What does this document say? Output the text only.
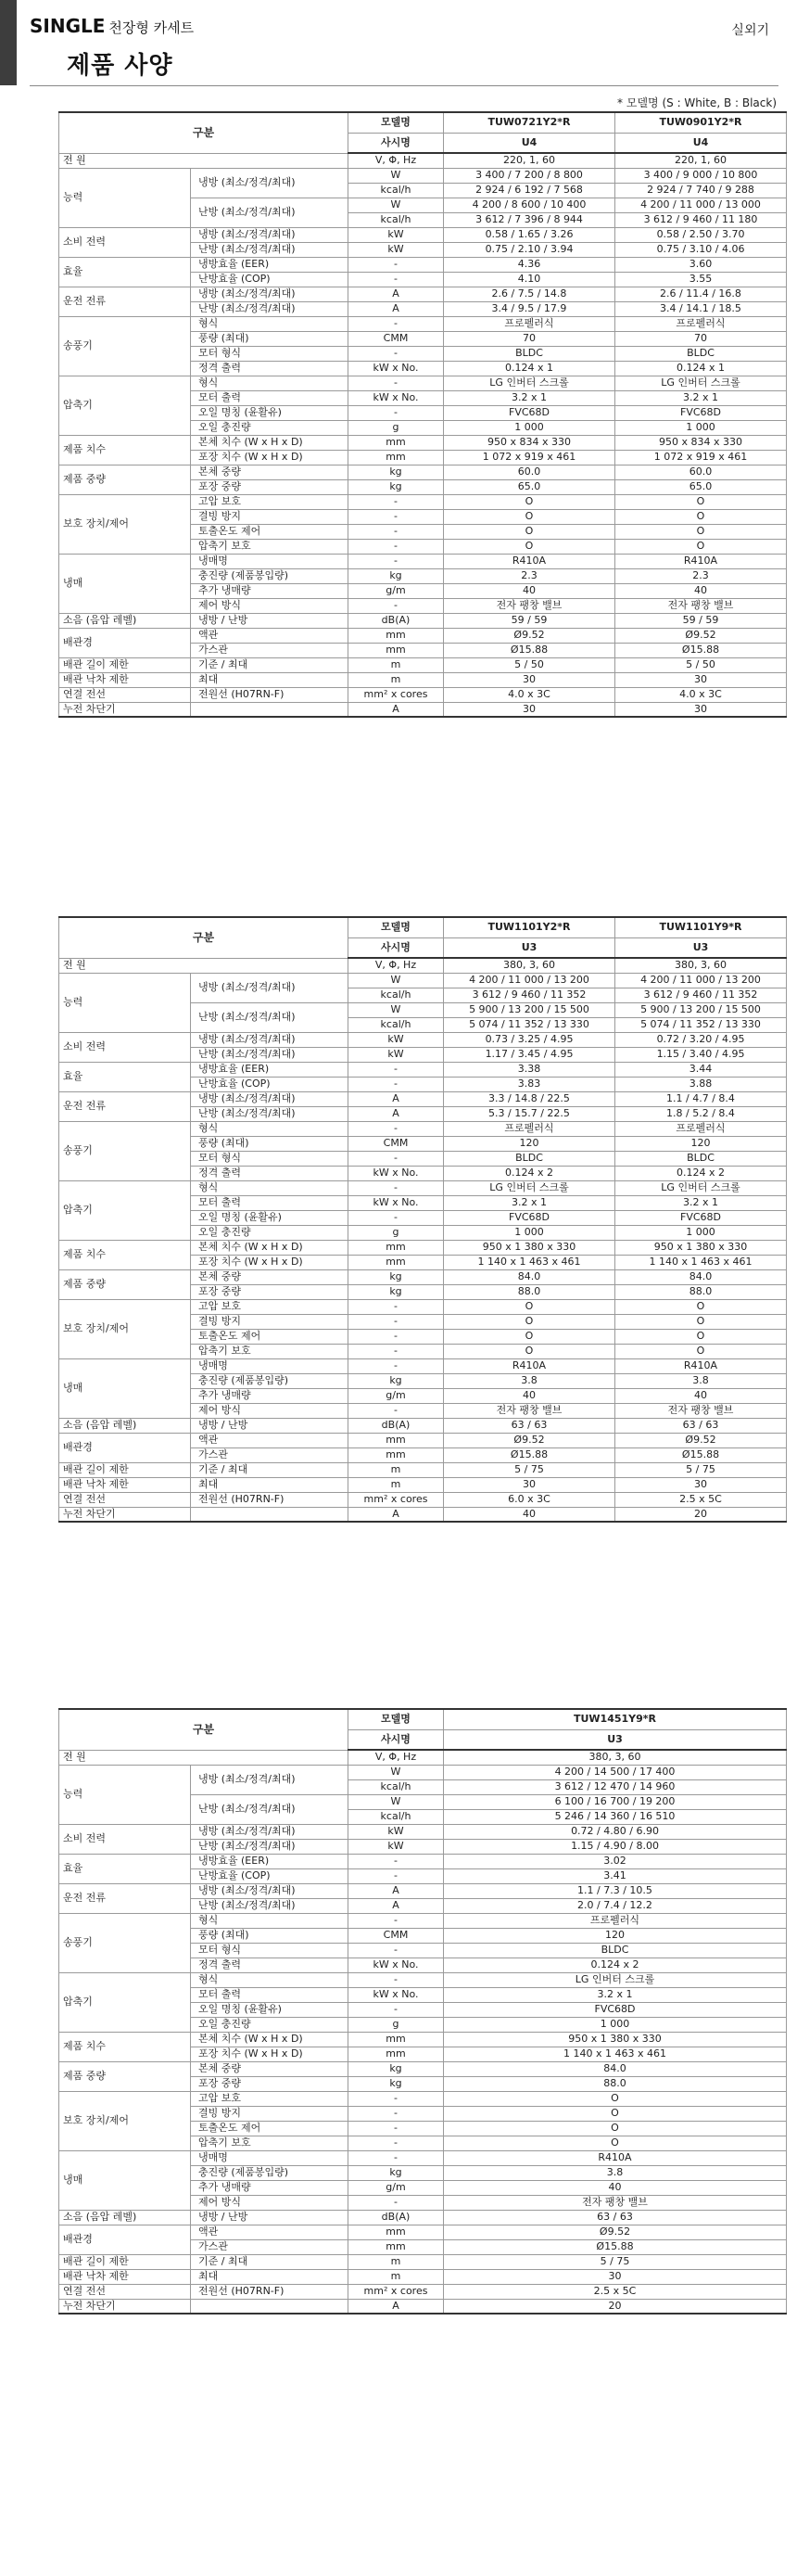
SINGLE 천장형 카세트
제품 사양
실외기
* 모델명 (S : White, B : Black)
구분		모델명	TUW0721Y2*R	TUW0901Y2*R
		사시명	U4	U4
전 원		V, Φ, Hz	220, 1, 60	220, 1, 60
능력	냉방 (최소/정격/최대)	W	3 400 / 7 200 / 8 800	3 400 / 9 000 / 10 800
		kcal/h	2 924 / 6 192 / 7 568	2 924 / 7 740 / 9 288
	난방 (최소/정격/최대)	W	4 200 / 8 600 / 10 400	4 200 / 11 000 / 13 000
		kcal/h	3 612 / 7 396 / 8 944	3 612 / 9 460 / 11 180
소비 전력	냉방 (최소/정격/최대)	kW	0.58 / 1.65 / 3.26	0.58 / 2.50 / 3.70
	난방 (최소/정격/최대)	kW	0.75 / 2.10 / 3.94	0.75 / 3.10 / 4.06
효율	냉방효율 (EER)	-	4.36	3.60
	난방효율 (COP)	-	4.10	3.55
운전 전류	냉방 (최소/정격/최대)	A	2.6 / 7.5 / 14.8	2.6 / 11.4 / 16.8
	난방 (최소/정격/최대)	A	3.4 / 9.5 / 17.9	3.4 / 14.1 / 18.5
송풍기	형식	-	프로펠러식	프로펠러식
	풍량 (최대)	CMM	70	70
	모터 형식	-	BLDC	BLDC
	정격 출력	kW x No.	0.124 x 1	0.124 x 1
압축기	형식	-	LG 인버터 스크롤	LG 인버터 스크롤
	모터 출력	kW x No.	3.2 x 1	3.2 x 1
	오일 명칭 (윤활유)	-	FVC68D	FVC68D
	오일 충진량	g	1 000	1 000
제품 치수	본체 치수 (W x H x D)	mm	950 x 834 x 330	950 x 834 x 330
	포장 치수 (W x H x D)	mm	1 072 x 919 x 461	1 072 x 919 x 461
제품 중량	본체 중량	kg	60.0	60.0
	포장 중량	kg	65.0	65.0
보호 장치/제어	고압 보호	-	O	O
	결빙 방지	-	O	O
	토출온도 제어	-	O	O
	압축기 보호	-	O	O
냉매	냉매명	-	R410A	R410A
	충진량 (제품봉입량)	kg	2.3	2.3
	추가 냉매량	g/m	40	40
	제어 방식	-	전자 팽창 밸브	전자 팽창 밸브
소음 (음압 레벨)	냉방 / 난방	dB(A)	59 / 59	59 / 59
배관경	액관	mm	Ø9.52	Ø9.52
	가스관	mm	Ø15.88	Ø15.88
배관 길이 제한	기준 / 최대	m	5 / 50	5 / 50
배관 낙차 제한	최대	m	30	30
연결 전선	전원선 (H07RN-F)	mm² x cores	4.0 x 3C	4.0 x 3C
누전 차단기		A	30	30
구분		모델명	TUW1101Y2*R	TUW1101Y9*R
		사시명	U3	U3
전 원		V, Φ, Hz	380, 3, 60	380, 3, 60
능력	냉방 (최소/정격/최대)	W	4 200 / 11 000 / 13 200	4 200 / 11 000 / 13 200
		kcal/h	3 612 / 9 460 / 11 352	3 612 / 9 460 / 11 352
	난방 (최소/정격/최대)	W	5 900 / 13 200 / 15 500	5 900 / 13 200 / 15 500
		kcal/h	5 074 / 11 352 / 13 330	5 074 / 11 352 / 13 330
소비 전력	냉방 (최소/정격/최대)	kW	0.73 / 3.25 / 4.95	0.72 / 3.20 / 4.95
	난방 (최소/정격/최대)	kW	1.17 / 3.45 / 4.95	1.15 / 3.40 / 4.95
효율	냉방효율 (EER)	-	3.38	3.44
	난방효율 (COP)	-	3.83	3.88
운전 전류	냉방 (최소/정격/최대)	A	3.3 / 14.8 / 22.5	1.1 / 4.7 / 8.4
	난방 (최소/정격/최대)	A	5.3 / 15.7 / 22.5	1.8 / 5.2 / 8.4
송풍기	형식	-	프로펠러식	프로펠러식
	풍량 (최대)	CMM	120	120
	모터 형식	-	BLDC	BLDC
	정격 출력	kW x No.	0.124 x 2	0.124 x 2
압축기	형식	-	LG 인버터 스크롤	LG 인버터 스크롤
	모터 출력	kW x No.	3.2 x 1	3.2 x 1
	오일 명칭 (윤활유)	-	FVC68D	FVC68D
	오일 충진량	g	1 000	1 000
제품 치수	본체 치수 (W x H x D)	mm	950 x 1 380 x 330	950 x 1 380 x 330
	포장 치수 (W x H x D)	mm	1 140 x 1 463 x 461	1 140 x 1 463 x 461
제품 중량	본체 중량	kg	84.0	84.0
	포장 중량	kg	88.0	88.0
보호 장치/제어	고압 보호	-	O	O
	결빙 방지	-	O	O
	토출온도 제어	-	O	O
	압축기 보호	-	O	O
냉매	냉매명	-	R410A	R410A
	충진량 (제품봉입량)	kg	3.8	3.8
	추가 냉매량	g/m	40	40
	제어 방식	-	전자 팽창 밸브	전자 팽창 밸브
소음 (음압 레벨)	냉방 / 난방	dB(A)	63 / 63	63 / 63
배관경	액관	mm	Ø9.52	Ø9.52
	가스관	mm	Ø15.88	Ø15.88
배관 길이 제한	기준 / 최대	m	5 / 75	5 / 75
배관 낙차 제한	최대	m	30	30
연결 전선	전원선 (H07RN-F)	mm² x cores	6.0 x 3C	2.5 x 5C
누전 차단기		A	40	20
구분		모델명	TUW1451Y9*R
		사시명	U3
전 원		V, Φ, Hz	380, 3, 60
능력	냉방 (최소/정격/최대)	W	4 200 / 14 500 / 17 400
		kcal/h	3 612 / 12 470 / 14 960
	난방 (최소/정격/최대)	W	6 100 / 16 700 / 19 200
		kcal/h	5 246 / 14 360 / 16 510
소비 전력	냉방 (최소/정격/최대)	kW	0.72 / 4.80 / 6.90
	난방 (최소/정격/최대)	kW	1.15 / 4.90 / 8.00
효율	냉방효율 (EER)	-	3.02
	난방효율 (COP)	-	3.41
운전 전류	냉방 (최소/정격/최대)	A	1.1 / 7.3 / 10.5
	난방 (최소/정격/최대)	A	2.0 / 7.4 / 12.2
송풍기	형식	-	프로펠러식
	풍량 (최대)	CMM	120
	모터 형식	-	BLDC
	정격 출력	kW x No.	0.124 x 2
압축기	형식	-	LG 인버터 스크롤
	모터 출력	kW x No.	3.2 x 1
	오일 명칭 (윤활유)	-	FVC68D
	오일 충진량	g	1 000
제품 치수	본체 치수 (W x H x D)	mm	950 x 1 380 x 330
	포장 치수 (W x H x D)	mm	1 140 x 1 463 x 461
제품 중량	본체 중량	kg	84.0
	포장 중량	kg	88.0
보호 장치/제어	고압 보호	-	O
	결빙 방지	-	O
	토출온도 제어	-	O
	압축기 보호	-	O
냉매	냉매명	-	R410A
	충진량 (제품봉입량)	kg	3.8
	추가 냉매량	g/m	40
	제어 방식	-	전자 팽창 밸브
소음 (음압 레벨)	냉방 / 난방	dB(A)	63 / 63
배관경	액관	mm	Ø9.52
	가스관	mm	Ø15.88
배관 길이 제한	기준 / 최대	m	5 / 75
배관 낙차 제한	최대	m	30
연결 전선	전원선 (H07RN-F)	mm² x cores	2.5 x 5C
누전 차단기		A	20
